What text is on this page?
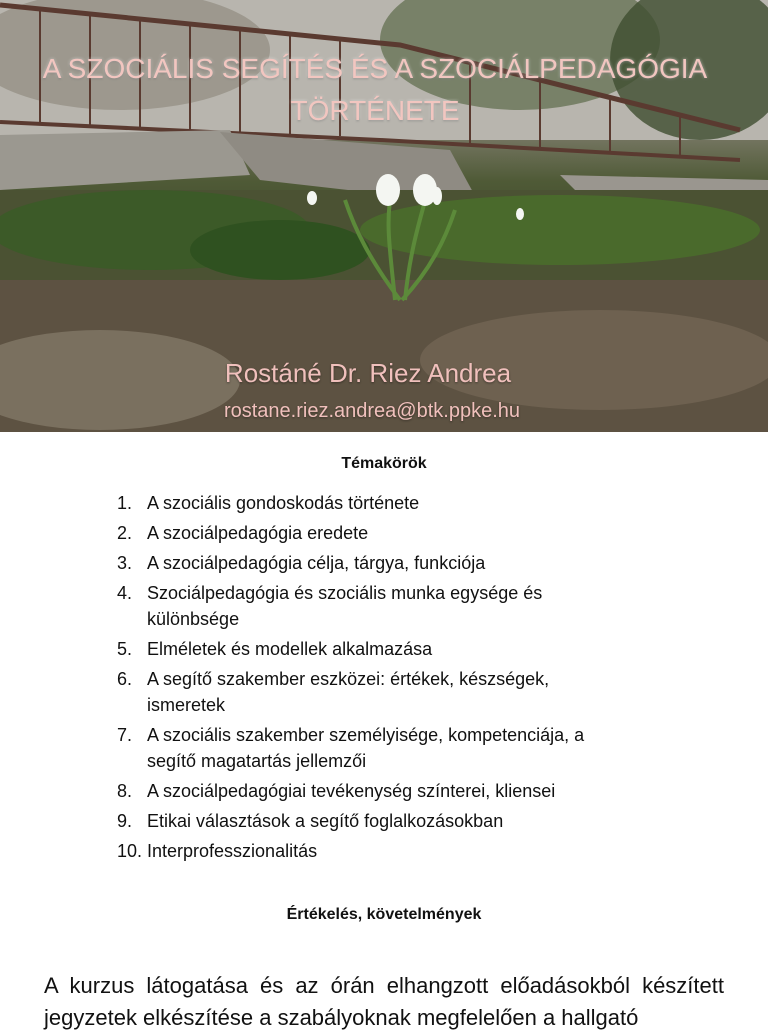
A SZOCIÁLIS SEGÍTÉS ÉS A SZOCIÁLPEDAGÓGIA TÖRTÉNETE
Rostáné Dr. Riez Andrea
rostane.riez.andrea@btk.ppke.hu
Témakörök
1. A szociális gondoskodás története
2. A szociálpedagógia eredete
3. A szociálpedagógia célja, tárgya, funkciója
4. Szociálpedagógia és szociális munka egysége és különbsége
5. Elméletek és modellek alkalmazása
6. A segítő szakember eszközei: értékek, készségek, ismeretek
7. A szociális szakember személyisége, kompetenciája, a segítő magatartás jellemzői
8. A szociálpedagógiai tevékenység színterei, kliensei
9. Etikai választások a segítő foglalkozásokban
10. Interprofesszionalitás
Értékelés, követelmények
A kurzus látogatása és az órán elhangzott előadásokból készített jegyzetek elkészítése a szabályoknak megfelelően a hallgató
